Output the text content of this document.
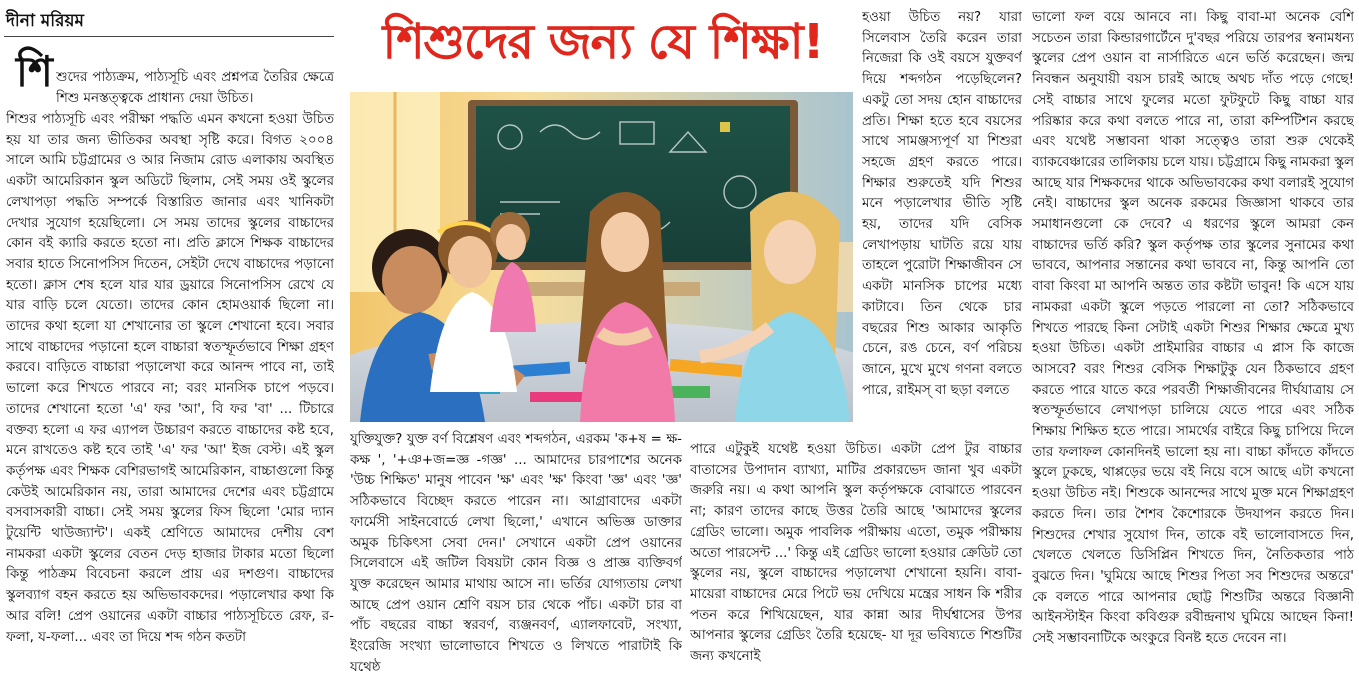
দীনা মরিয়ম	শিশুদের জন্য যে শিক্ষা!
শি শুদের পাঠ্যক্রম, পাঠ্যসূচি এবং প্রশ্নপত্র তৈরির ক্ষেত্রে শিশু মনস্তত্ত্বকে প্রাধান্য দেয়া উচিত।
শিশুর পাঠ্যসূচি এবং পরীক্ষা পদ্ধতি এমন কখনো হওয়া উচিত হয় যা তার জন্য ভীতিকর অবস্থা সৃষ্টি করে। বিগত ২০০৪ সালে আমি চট্টগ্রামের ও আর নিজাম রোড এলাকায় অবস্থিত একটা আমেরিকান স্কুল অডিটে ছিলাম, সেই সময় ওই স্কুলের লেখাপড়া পদ্ধতি সম্পর্কে বিস্তারিত জানার এবং খানিকটা দেখার সুযোগ হয়েছিলো। সে সময় তাদের স্কুলের বাচ্চাদের কোন বই ক্যারি করতে হতো না। প্রতি ক্লাসে শিক্ষক বাচ্চাদের সবার হাতে সিনোপসিস দিতেন, সেইটা দেখে বাচ্চাদের পড়ানো হতো। ক্লাস শেষ হলে যার যার ড্রয়ারে সিনোপসিস রেখে যে যার বাড়ি চলে যেতো। তাদের কোন হোমওয়ার্ক ছিলো না। তাদের কথা হলো যা শেখানোর তা স্কুলে শেখানো হবে। সবার সাথে বাচ্চাদের পড়ানো হলে বাচ্চারা স্বতস্ফূর্তভাবে শিক্ষা গ্রহণ করবে। বাড়িতে বাচ্চারা পড়ালেখা করে আনন্দ পাবে না, তাই ভালো করে শিখতে পারবে না; বরং মানসিক চাপে পড়বে। তাদের শেখানো হতো 'এ' ফর 'আ', বি ফর 'বা' ... টিচারে বক্তব্য হলো এ ফর এ্যাপল উচ্চারণ করতে বাচ্চাদের কষ্ট হবে, মনে রাখতেও কষ্ট হবে তাই 'এ' ফর 'আ' ইজ বেস্ট। এই স্কুল কর্তৃপক্ষ এবং শিক্ষক বেশিরভাগই আমেরিকান, বাচ্চাগুলো কিন্তু কেউই আমেরিকান নয়, তারা আমাদের দেশের এবং চট্টগ্রামে বসবাসকারী বাচ্চা। সেই সময় স্কুলের ফিস ছিলো 'মোর দ্যান টুয়েন্টি থাউজ্যান্ট'। একই শ্রেণিতে আমাদের দেশীয় বেশ নামকরা একটা স্কুলের বেতন দেড় হাজার টাকার মতো ছিলো কিন্তু পাঠক্রম বিবেচনা করলে প্রায় এর দশগুণ। বাচ্চাদের স্কুলব্যাগ বহন করতে হয় অভিভাবকদের। পড়ালেখার কথা কি আর বলি! প্রেপ ওয়ানের একটা বাচ্চার পাঠ্যসূচিতে রেফ, র-ফলা, য-ফলা... এবং তা দিয়ে শব্দ গঠন কতটা
যুক্তিযুক্ত? যুক্ত বর্ণ বিশ্লেষণ এবং শব্দগঠন, এরকম 'ক+ষ = ক্ষ- কক্ষ ', '+ঞ+জ=জ্ঞ -গজ্ঞ' ... আমাদের চারপাশের অনেক 'উচ্চ শিক্ষিত' মানুষ পাবেন 'ক্ষ' এবং 'ক্ষ' কিংবা 'জ্ঞ' এবং 'জ্ঞ' সঠিকভাবে বিচ্ছেদ করতে পারেন না। আগ্রাবাদের একটা ফার্মেসী সাইনবোর্ডে লেখা ছিলো,' এখানে অভিজ্ঞ ডাক্তার অমুক চিকিৎসা সেবা দেন।' সেখানে একটা প্রেপ ওয়ানের সিলেবাসে এই জটিল বিষয়টা কোন বিজ্ঞ ও প্রাজ্ঞ ব্যক্তিবর্গ যুক্ত করেছেন আমার মাথায় আসে না। ভর্তির যোগ্যতায় লেখা আছে প্রেপ ওয়ান শ্রেণি বয়স চার থেকে পাঁচ। একটা চার বা পাঁচ বছরের বাচ্চা স্বরবর্ণ, ব্যঞ্জনবর্ণ, এ্যালফাবেট, সংখ্যা, ইংরেজি সংখ্যা ভালোভাবে শিখতে ও লিখতে পারাটাই কি যথেষ্ঠ
হওয়া উচিত নয়? যারা সিলেবাস তৈরি করেন তারা নিজেরা কি ওই বয়সে যুক্তবর্ণ দিয়ে শব্দগঠন পড়েছিলেন? একটু তো সদয় হোন বাচ্চাদের প্রতি। শিক্ষা হতে হবে বয়সের সাথে সামঞ্জস্যপূর্ণ যা শিশুরা সহজে গ্রহণ করতে পারে। শিক্ষার শুরুতেই যদি শিশুর মনে পড়ালেখার ভীতি সৃষ্টি হয়, তাদের যদি বেসিক লেখাপড়ায় ঘাটতি রয়ে যায় তাহলে পুরোটা শিক্ষাজীবন সে একটা মানসিক চাপের মধ্যে কাটাবে। তিন থেকে চার বছরের শিশু আকার আকৃতি চেনে, রঙ চেনে, বর্ণ পরিচয় জানে, মুখে মুখে গণনা বলতে পারে, রাইমস্ বা ছড়া বলতে
পারে এটুকুই যথেষ্ট হওয়া উচিত। একটা প্রেপ টুর বাচ্চার বাতাসের উপাদান ব্যাখ্যা, মাটির প্রকারভেদ জানা খুব একটা জরুরি নয়। এ কথা আপনি স্কুল কর্তৃপক্ষকে বোঝাতে পারবেন না; কারণ তাদের কাছে উত্তর তৈরি আছে 'আমাদের স্কুলের গ্রেডিং ভালো। অমুক পাবলিক পরীক্ষায় এতো, তমুক পরীক্ষায় অতো পারসেন্ট ...' কিন্তু এই গ্রেডিং ভালো হওয়ার ক্রেডিট তো স্কুলের নয়, স্কুলে বাচ্চাদের পড়ালেখা শেখানো হয়নি। বাবা-মায়েরা বাচ্চাদের মেরে পিটে ভয় দেখিয়ে মন্ত্রের সাধন কি শরীর পতন করে শিখিয়েছেন, যার কান্না আর দীর্ঘশ্বাসের উপর আপনার স্কুলের গ্রেডিং তৈরি হয়েছে- যা দূর ভবিষ্যতে শিশুটির জন্য কখনোই
ভালো ফল বয়ে আনবে না। কিছু বাবা-মা অনেক বেশি সচেতন তারা কিন্ডারগার্টেনে দু'বছর পরিয়ে তারপর স্বনামধন্য স্কুলের প্রেপ ওয়ান বা নার্সারিতে এনে ভর্তি করেছেন। জন্ম নিবন্ধন অনুযায়ী বয়স চারই আছে অথচ দাঁত পড়ে গেছে! সেই বাচ্চার সাথে ফুলের মতো ফুটফুটে কিছু বাচ্চা যার পরিষ্কার করে কথা বলতে পারে না, তারা কম্পিটিশন করছে এবং যথেষ্ট সম্ভাবনা থাকা সত্ত্বেও তারা শুরু থেকেই ব্যাকবেঞ্চারের তালিকায় চলে যায়। চট্টগ্রামে কিছু নামকরা স্কুল আছে যার শিক্ষকদের থাকে অভিভাবকের কথা বলারই সুযোগ নেই। বাচ্চাদের স্কুল অনেক রকমের জিজ্ঞাসা থাকবে তার সমাধানগুলো কে দেবে? এ ধরণের স্কুলে আমরা কেন বাচ্চাদের ভর্তি করি? স্কুল কর্তৃপক্ষ তার স্কুলের সুনামের কথা ভাববে, আপনার সন্তানের কথা ভাববে না, কিন্তু আপনি তো বাবা কিংবা মা আপনি অন্তত তার কষ্টটা ভাবুন! কি এসে যায় নামকরা একটা স্কুলে পড়তে পারলো না তো? সঠিকভাবে শিখতে পারছে কিনা সেটাই একটা শিশুর শিক্ষার ক্ষেত্রে মুখ্য হওয়া উচিত। একটা প্রাইমারির বাচ্চার এ প্লাস কি কাজে আসবে? বরং শিশুর বেসিক শিক্ষাটুকু যেন ঠিকভাবে গ্রহণ করতে পারে যাতে করে পরবর্তী শিক্ষাজীবনের দীর্ঘযাত্রায় সে স্বতস্ফূর্তভাবে লেখাপড়া চালিয়ে যেতে পারে এবং সঠিক শিক্ষায় শিক্ষিত হতে পারে। সামর্থের বাইরে কিছু চাপিয়ে দিলে তার ফলাফল কোনদিনই ভালো হয় না। বাচ্চা কাঁদতে কাঁদতে স্কুলে ঢুকছে, থাপ্পড়ের ভয়ে বই নিয়ে বসে আছে এটা কখনো হওয়া উচিত নই। শিশুকে আনন্দের সাথে মুক্ত মনে শিক্ষাগ্রহণ করতে দিন। তার শৈশব কৈশোরকে উদযাপন করতে দিন। শিশুদের শেখার সুযোগ দিন, তাকে বই ভালোবাসতে দিন, খেলতে খেলতে ডিসিপ্লিন শিখতে দিন, নৈতিকতার পাঠ বুঝতে দিন। 'ঘুমিয়ে আছে শিশুর পিতা সব শিশুদের অন্তরে' কে বলতে পারে আপনার ছোট্ট শিশুটির অন্তরে বিজ্ঞানী আইনস্টাইন কিংবা কবিগুরু রবীন্দ্রনাথ ঘুমিয়ে আছেন কিনা! সেই সম্ভাবনাটিকে অংকুরে বিনষ্ট হতে দেবেন না।
